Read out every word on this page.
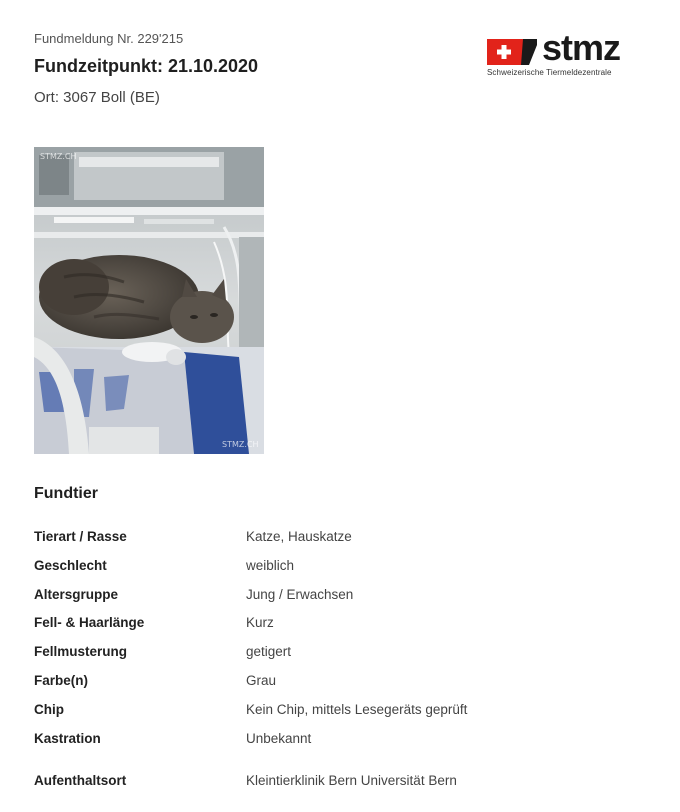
Fundmeldung Nr. 229'215
Fundzeitpunkt: 21.10.2020
Ort: 3067 Boll (BE)
stmz
Schweizerische Tiermeldezentrale
STMZ.CH
STMZ.CH
Fundtier
Tierart / Rasse	Katze, Hauskatze
Geschlecht	weiblich
Altersgruppe	Jung / Erwachsen
Fell- & Haarlänge	Kurz
Fellmusterung	getigert
Farbe(n)	Grau
Chip	Kein Chip, mittels Lesegeräts geprüft
Kastration	Unbekannt
Aufenthaltsort	Kleintierklinik Bern Universität Bern
